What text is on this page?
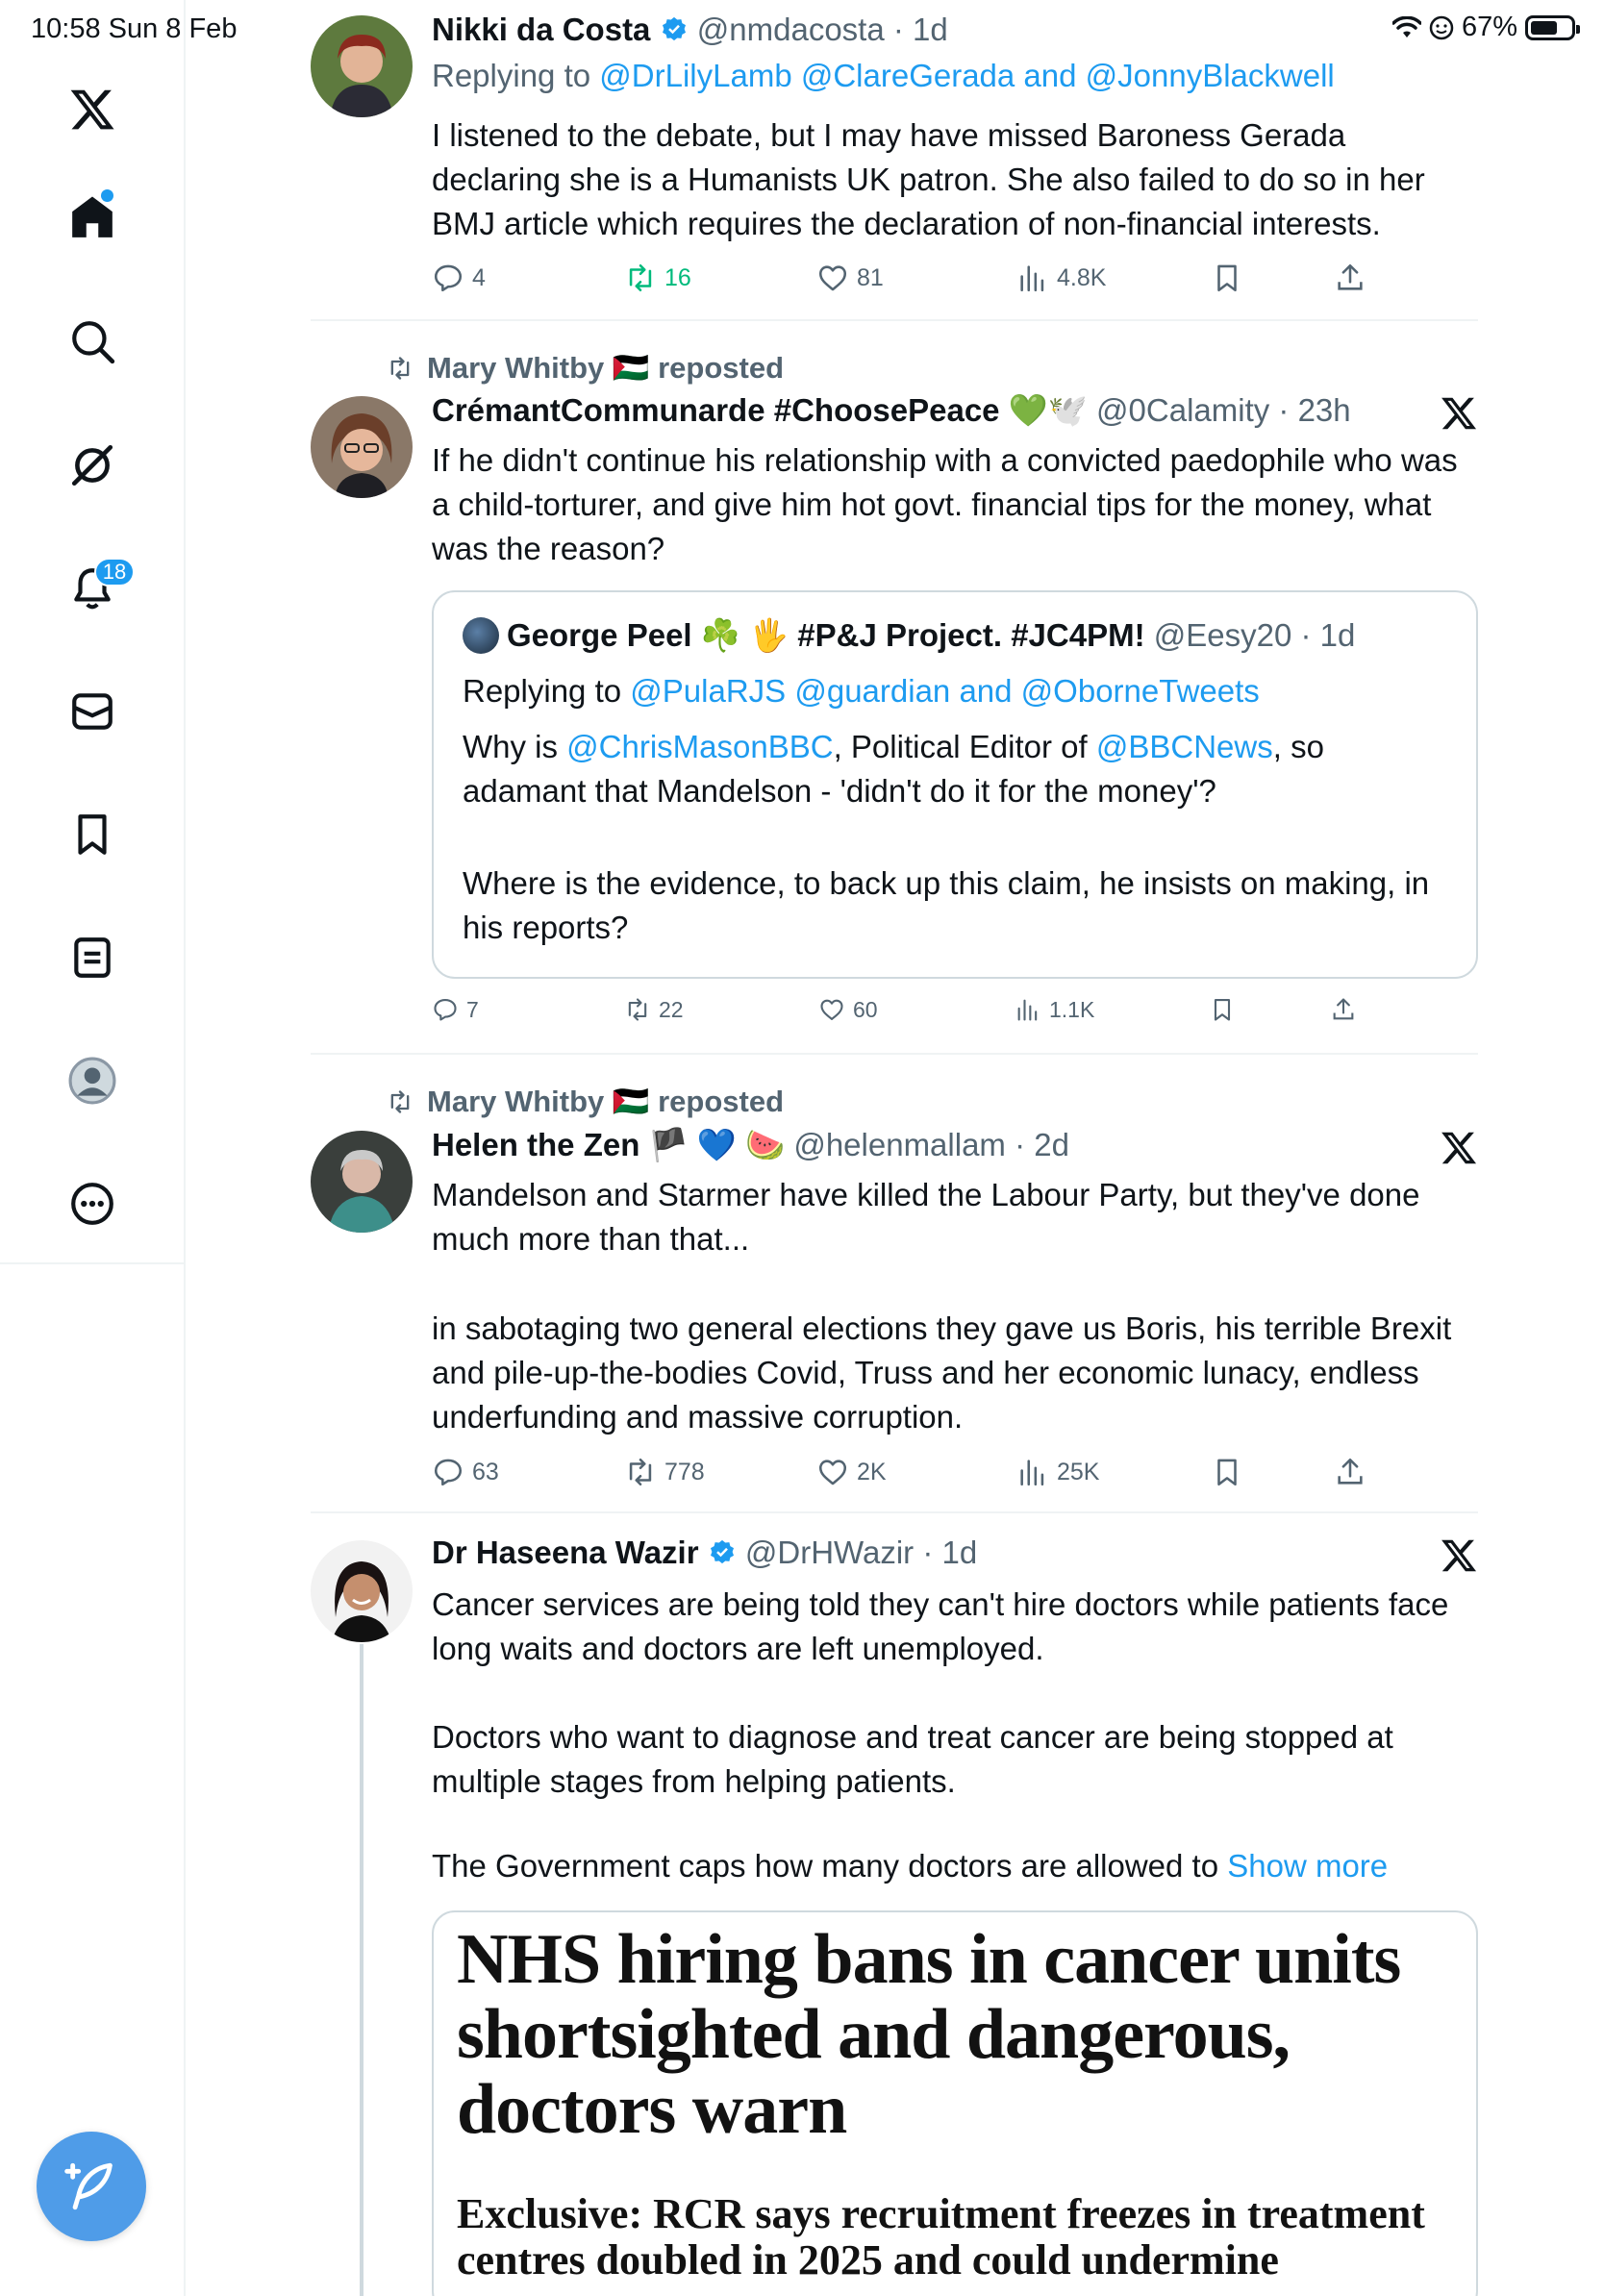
10:58 Sun 8 Feb	67%
18
Nikki da Costa @nmdacosta · 1d
Replying to @DrLilyLamb @ClareGerada and @JonnyBlackwell
I listened to the debate, but I may have missed Baroness Gerada declaring she is a Humanists UK patron. She also failed to do so in her BMJ article which requires the declaration of non-financial interests.
4	16	81	4.8K
Mary Whitby 🇵🇸 reposted
CrémantCommunarde #ChoosePeace 💚🕊️ @0Calamity · 23h
If he didn't continue his relationship with a convicted paedophile who was a child-torturer, and give him hot govt. financial tips for the money, what was the reason?
George Peel ☘️ 🖐️ #P&J Project. #JC4PM! @Eesy20 · 1d
Replying to @PulaRJS @guardian and @OborneTweets
Why is @ChrisMasonBBC, Political Editor of @BBCNews, so
adamant that Mandelson - 'didn't do it for the money'?
Where is the evidence, to back up this claim, he insists on making, in his reports?
7	22	60	1.1K
Mary Whitby 🇵🇸 reposted
Helen the Zen 🏴 💙 🍉 @helenmallam · 2d
Mandelson and Starmer have killed the Labour Party, but they've done much more than that...
in sabotaging two general elections they gave us Boris, his terrible Brexit and pile-up-the-bodies Covid, Truss and her economic lunacy, endless underfunding and massive corruption.
63	778	2K	25K
Dr Haseena Wazir @DrHWazir · 1d
Cancer services are being told they can't hire doctors while patients face long waits and doctors are left unemployed.
Doctors who want to diagnose and treat cancer are being stopped at multiple stages from helping patients.
The Government caps how many doctors are allowed to Show more
NHS hiring bans in cancer units shortsighted and dangerous, doctors warn
Exclusive: RCR says recruitment freezes in treatment centres doubled in 2025 and could undermine
